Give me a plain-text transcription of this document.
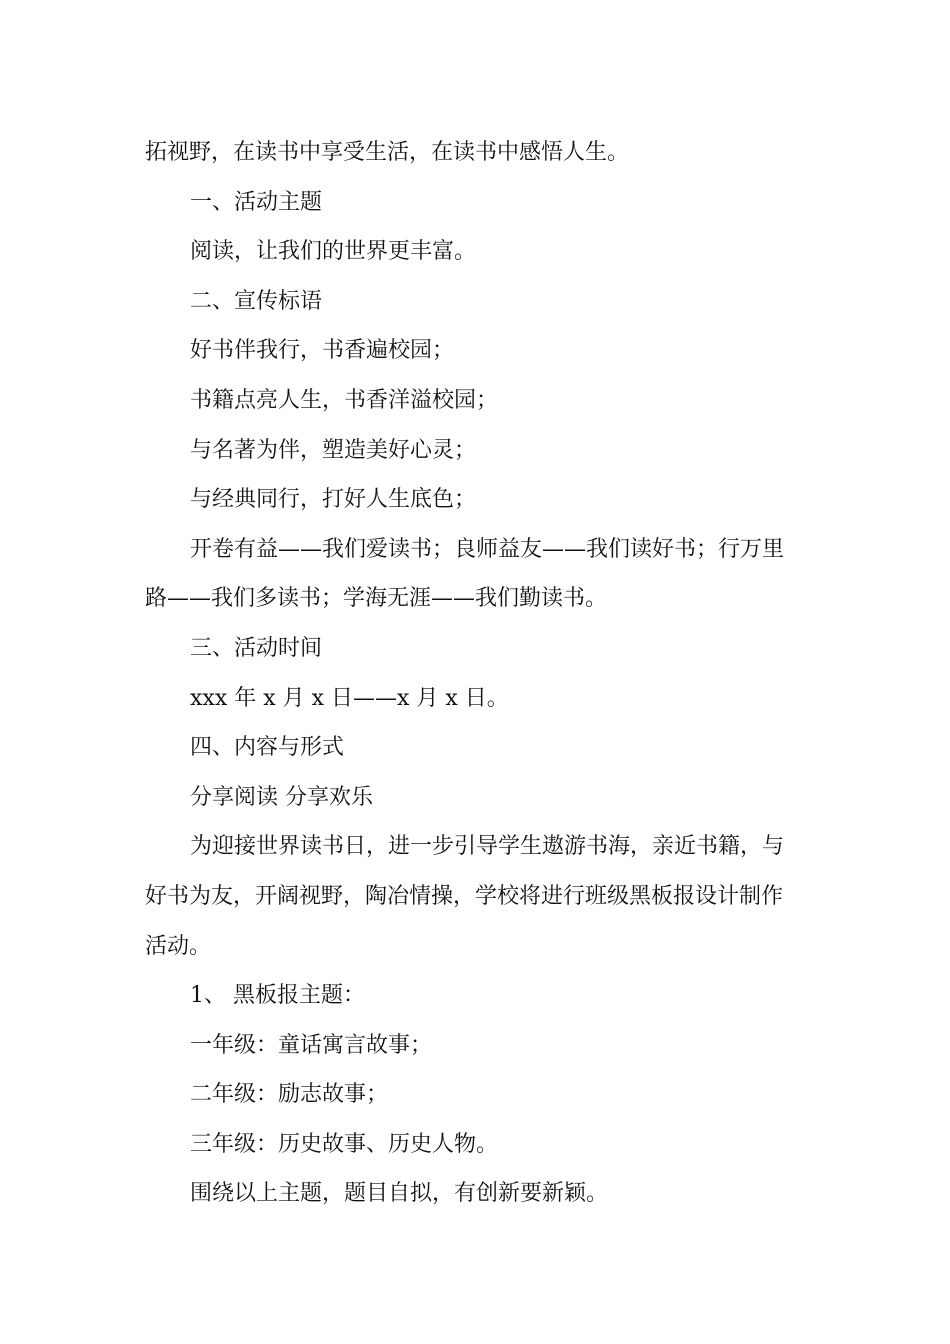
拓视野，在读书中享受生活，在读书中感悟人生。

一、活动主题

阅读，让我们的世界更丰富。

二、宣传标语

好书伴我行，书香遍校园；

书籍点亮人生，书香洋溢校园；

与名著为伴，塑造美好心灵；

与经典同行，打好人生底色；

开卷有益——我们爱读书；良师益友——我们读好书；行万里
路——我们多读书；学海无涯——我们勤读书。

三、活动时间

xxx 年 x 月 x 日——x 月 x 日。

四、内容与形式

分享阅读 分享欢乐

为迎接世界读书日，进一步引导学生遨游书海，亲近书籍，与
好书为友，开阔视野，陶冶情操，学校将进行班级黑板报设计制作
活动。

1、 黑板报主题：

一年级：童话寓言故事；

二年级：励志故事；

三年级：历史故事、历史人物。

围绕以上主题，题目自拟，有创新要新颖。
